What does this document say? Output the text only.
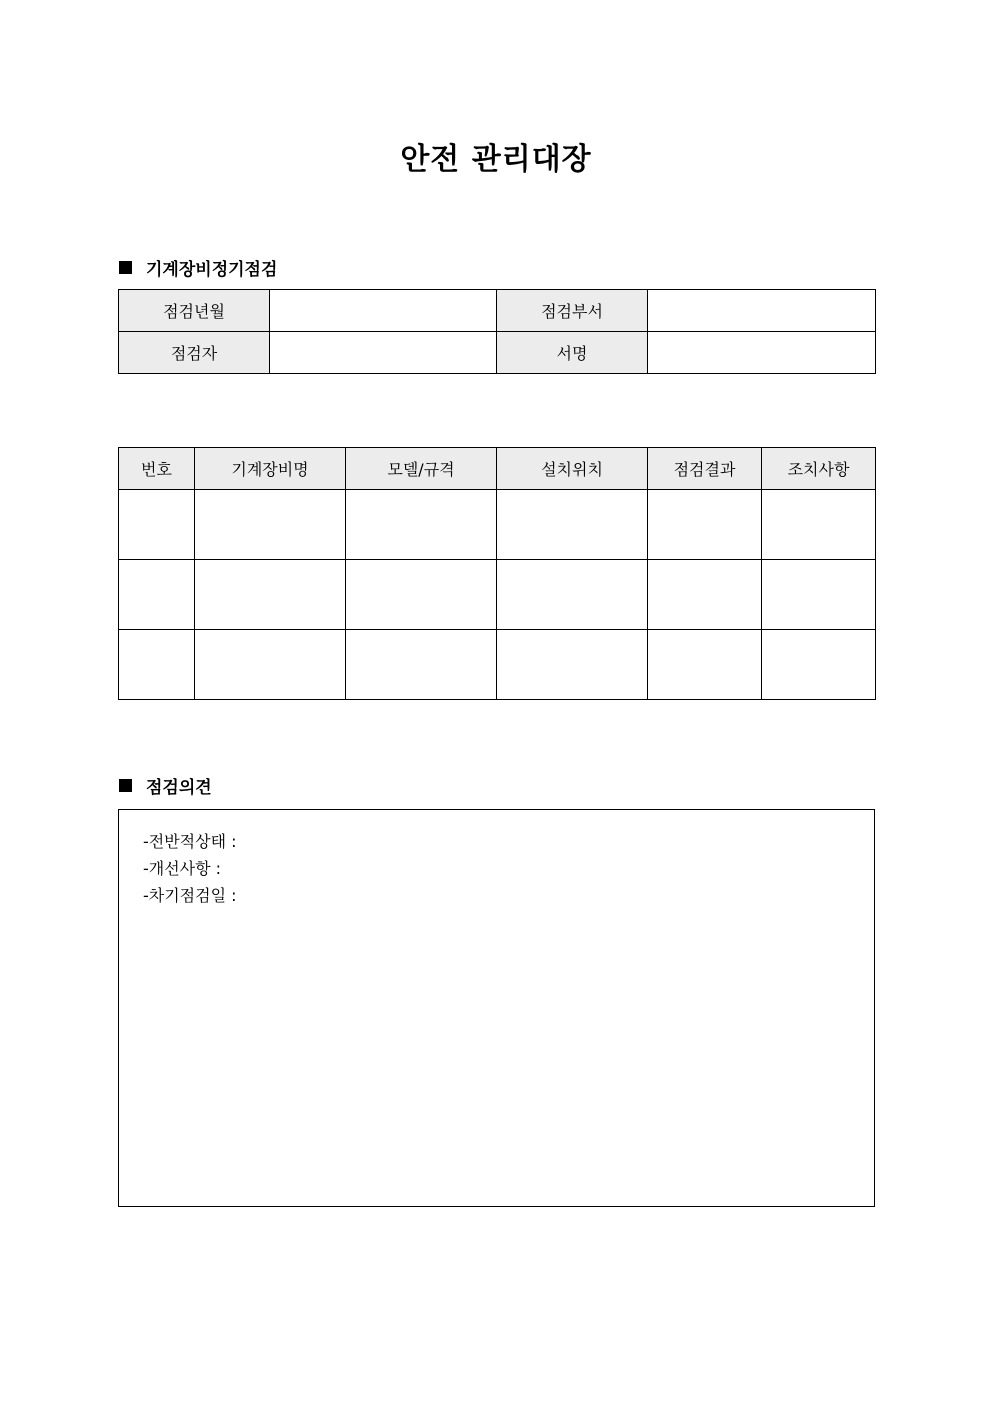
안전 관리대장
기계장비정기점검
점검년월		점검부서	
점검자		서명	
번호	기계장비명	모델/규격	설치위치	점검결과	조치사항

점검의견
-전반적상태 :
-개선사항 :
-차기점검일 :
